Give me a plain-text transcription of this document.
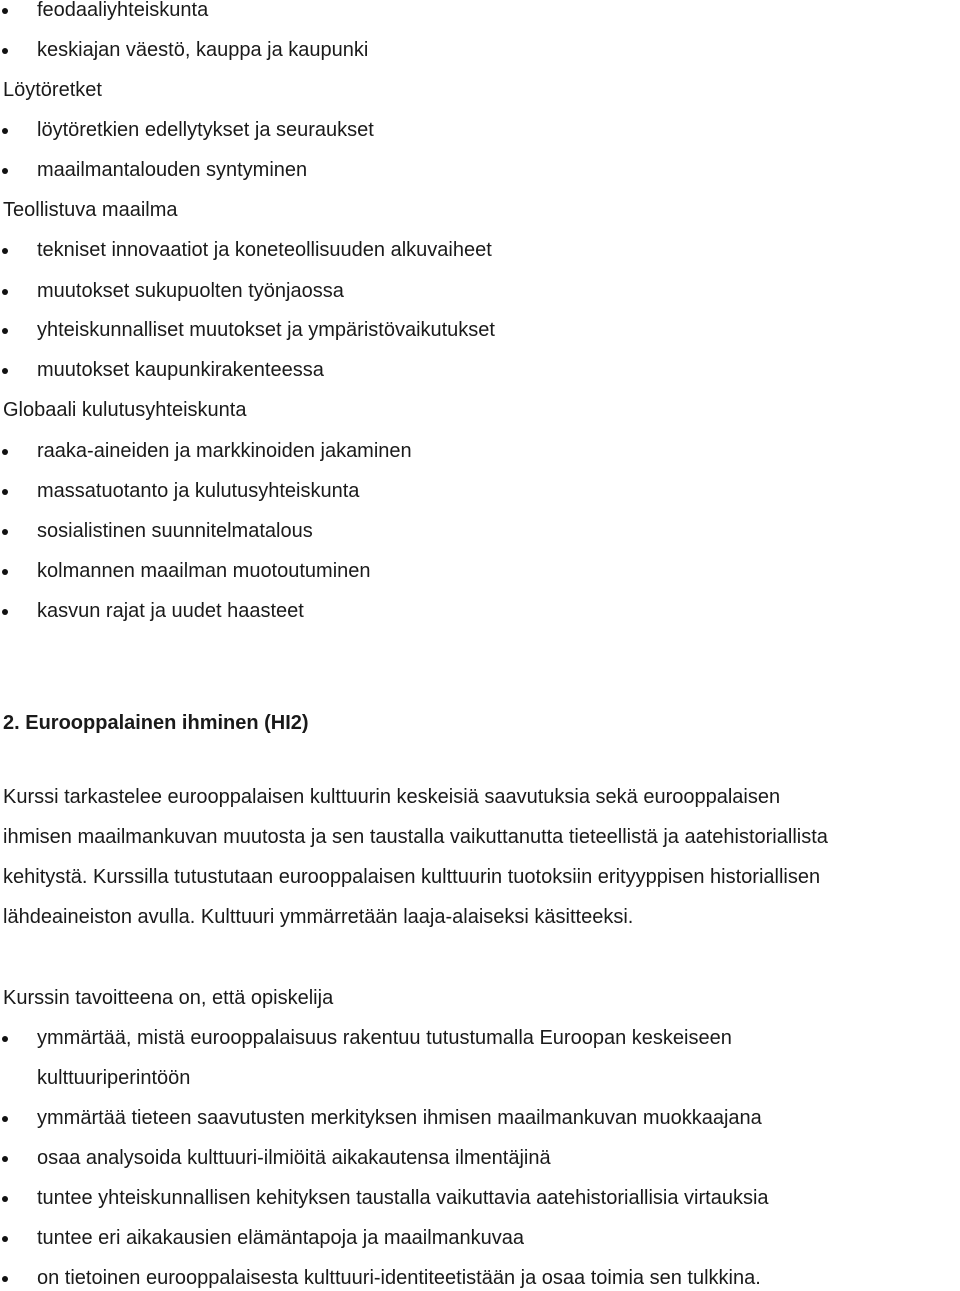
feodaaliyhteiskunta
keskiajan väestö, kauppa ja kaupunki
Löytöretket
löytöretkien edellytykset ja seuraukset
maailmantalouden syntyminen
Teollistuva maailma
tekniset innovaatiot ja koneteollisuuden alkuvaiheet
muutokset sukupuolten työnjaossa
yhteiskunnalliset muutokset ja ympäristövaikutukset
muutokset kaupunkirakenteessa
Globaali kulutusyhteiskunta
raaka-aineiden ja markkinoiden jakaminen
massatuotanto ja kulutusyhteiskunta
sosialistinen suunnitelmatalous
kolmannen maailman muotoutuminen
kasvun rajat ja uudet haasteet
2. Eurooppalainen ihminen (HI2)
Kurssi tarkastelee eurooppalaisen kulttuurin keskeisiä saavutuksia sekä eurooppalaisen
ihmisen maailmankuvan muutosta ja sen taustalla vaikuttanutta tieteellistä ja aatehistoriallista
kehitystä. Kurssilla tutustutaan eurooppalaisen kulttuurin tuotoksiin erityyppisen historiallisen
lähdeaineiston avulla. Kulttuuri ymmärretään laaja-alaiseksi käsitteeksi.
Kurssin tavoitteena on, että opiskelija
ymmärtää, mistä eurooppalaisuus rakentuu tutustumalla Euroopan keskeiseen
kulttuuriperintöön
ymmärtää tieteen saavutusten merkityksen ihmisen maailmankuvan muokkaajana
osaa analysoida kulttuuri-ilmiöitä aikakautensa ilmentäjinä
tuntee yhteiskunnallisen kehityksen taustalla vaikuttavia aatehistoriallisia virtauksia
tuntee eri aikakausien elämäntapoja ja maailmankuvaa
on tietoinen eurooppalaisesta kulttuuri-identiteetistään ja osaa toimia sen tulkkina.
